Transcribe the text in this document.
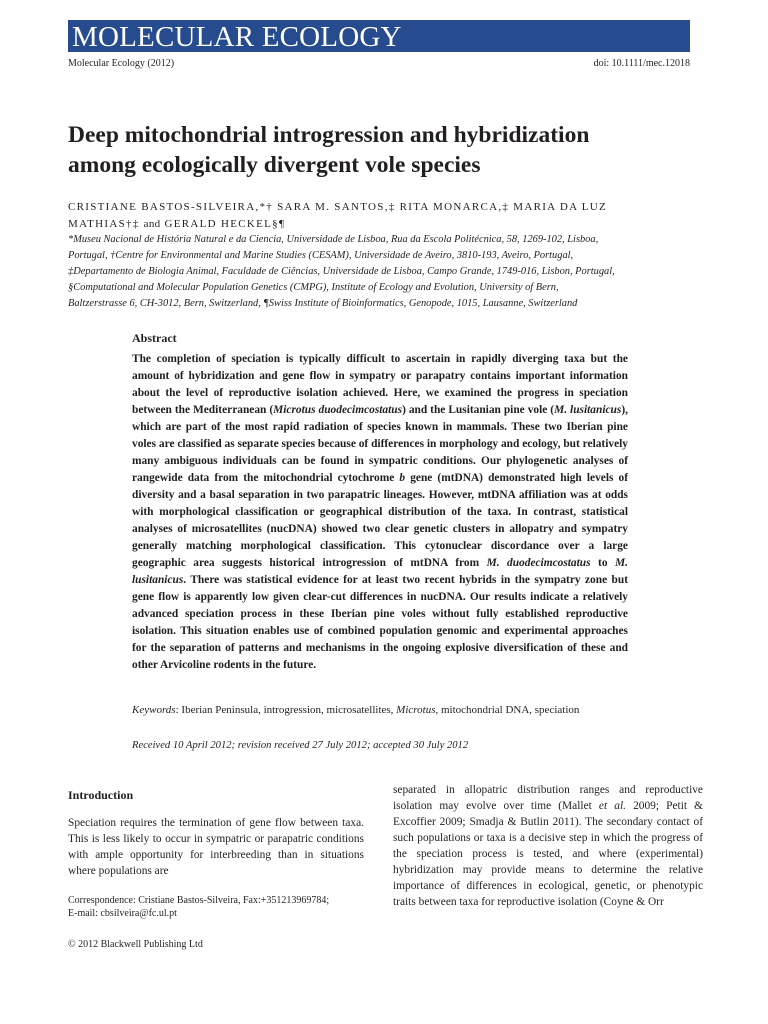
MOLECULAR ECOLOGY
Molecular Ecology (2012)	doi: 10.1111/mec.12018
Deep mitochondrial introgression and hybridization
among ecologically divergent vole species
CRISTIANE BASTOS-SILVEIRA,*† SARA M. SANTOS,‡ RITA MONARCA,‡ MARIA DA LUZ
MATHIAS†‡ and GERALD HECKEL§¶
*Museu Nacional de História Natural e da Ciencia, Universidade de Lisboa, Rua da Escola Politécnica, 58, 1269-102, Lisboa,
Portugal, †Centre for Environmental and Marine Studies (CESAM), Universidade de Aveiro, 3810-193, Aveiro, Portugal,
‡Departamento de Biologia Animal, Faculdade de Ciências, Universidade de Lisboa, Campo Grande, 1749-016, Lisbon, Portugal,
§Computational and Molecular Population Genetics (CMPG), Institute of Ecology and Evolution, University of Bern,
Baltzerstrasse 6, CH-3012, Bern, Switzerland, ¶Swiss Institute of Bioinformatics, Genopode, 1015, Lausanne, Switzerland
Abstract

The completion of speciation is typically difficult to ascertain in rapidly diverging taxa but the amount of hybridization and gene flow in sympatry or parapatry contains important information about the level of reproductive isolation achieved. Here, we examined the progress in speciation between the Mediterranean (Microtus duodecimcostatus) and the Lusitanian pine vole (M. lusitanicus), which are part of the most rapid radiation of species known in mammals. These two Iberian pine voles are classified as separate species because of differences in morphology and ecology, but relatively many ambiguous individuals can be found in sympatric conditions. Our phylogenetic analyses of rangewide data from the mitochondrial cytochrome b gene (mtDNA) demonstrated high levels of diversity and a basal separation in two parapatric lineages. However, mtDNA affiliation was at odds with morphological classification or geographical distribution of the taxa. In contrast, statistical analyses of microsatellites (nucDNA) showed two clear genetic clusters in allopatry and sympatry generally matching morphological classification. This cytonuclear discordance over a large geographic area suggests historical introgression of mtDNA from M. duodecimcostatus to M. lusitanicus. There was statistical evidence for at least two recent hybrids in the sympatry zone but gene flow is apparently low given clear-cut differences in nucDNA. Our results indicate a relatively advanced speciation process in these Iberian pine voles without fully established reproductive isolation. This situation enables use of combined population genomic and experimental approaches for the separation of patterns and mechanisms in the ongoing explosive diversification of these and other Arvicoline rodents in the future.

Keywords: Iberian Peninsula, introgression, microsatellites, Microtus, mitochondrial DNA, speciation
Received 10 April 2012; revision received 27 July 2012; accepted 30 July 2012
Introduction

Speciation requires the termination of gene flow between taxa. This is less likely to occur in sympatric or parapatric conditions with ample opportunity for interbreeding than in situations where populations are

Correspondence: Cristiane Bastos-Silveira, Fax:+351213969784;
E-mail: cbsilveira@fc.ul.pt
© 2012 Blackwell Publishing Ltd

separated in allopatric distribution ranges and reproductive isolation may evolve over time (Mallet et al. 2009; Petit & Excoffier 2009; Smadja & Butlin 2011). The secondary contact of such populations or taxa is a decisive step in which the progress of the speciation process is tested, and where (experimental) hybridization may provide means to determine the relative importance of differences in ecological, genetic, or phenotypic traits between taxa for reproductive isolation (Coyne & Orr
